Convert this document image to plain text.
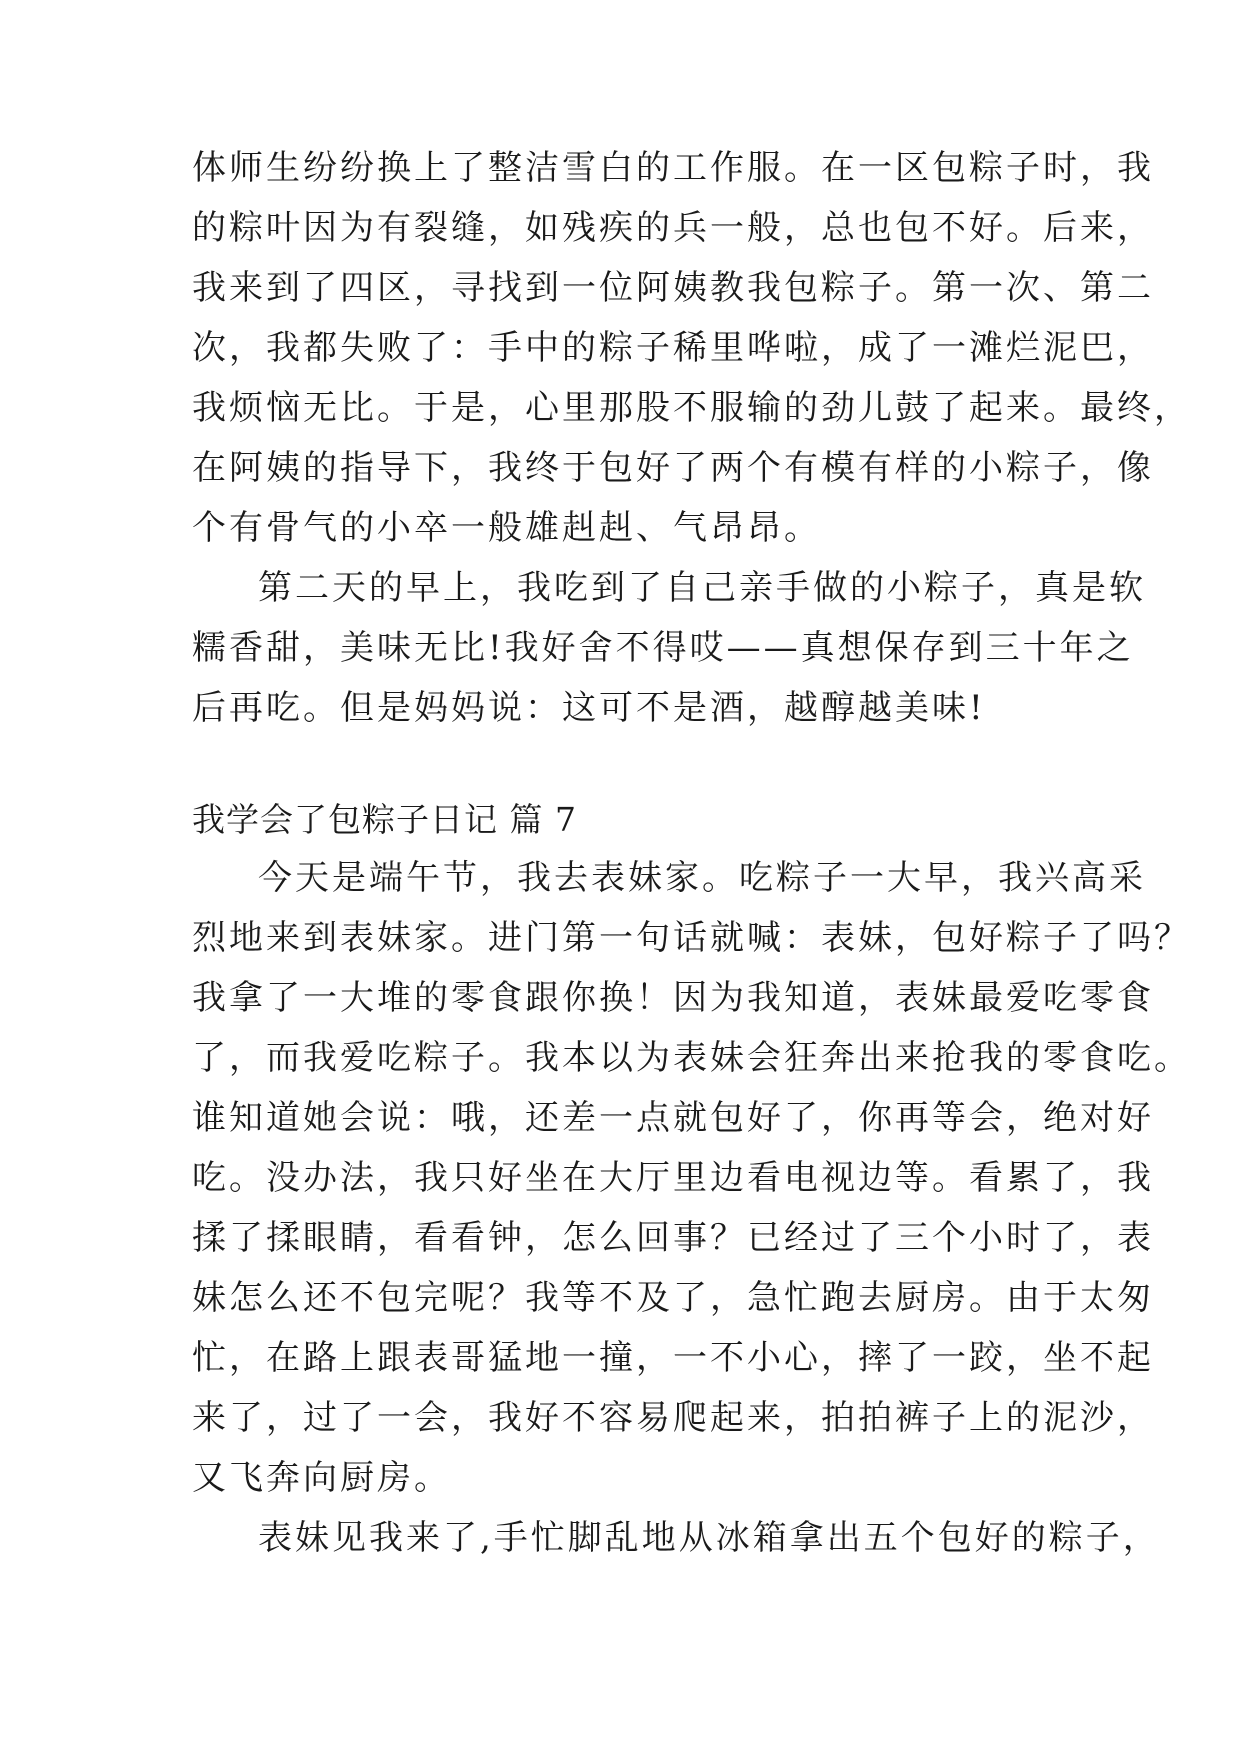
体师生纷纷换上了整洁雪白的工作服。在一区包粽子时，我
的粽叶因为有裂缝，如残疾的兵一般，总也包不好。后来，
我来到了四区，寻找到一位阿姨教我包粽子。第一次、第二
次，我都失败了：手中的粽子稀里哗啦，成了一滩烂泥巴，
我烦恼无比。于是，心里那股不服输的劲儿鼓了起来。最终，
在阿姨的指导下，我终于包好了两个有模有样的小粽子，像
个有骨气的小卒一般雄赳赳、气昂昂。
第二天的早上，我吃到了自己亲手做的小粽子，真是软
糯香甜，美味无比!我好舍不得哎——真想保存到三十年之
后再吃。但是妈妈说：这可不是酒，越醇越美味!
我学会了包粽子日记 篇 7
今天是端午节，我去表妹家。吃粽子一大早，我兴高采
烈地来到表妹家。进门第一句话就喊：表妹，包好粽子了吗？
我拿了一大堆的零食跟你换！因为我知道，表妹最爱吃零食
了，而我爱吃粽子。我本以为表妹会狂奔出来抢我的零食吃。
谁知道她会说：哦，还差一点就包好了，你再等会，绝对好
吃。没办法，我只好坐在大厅里边看电视边等。看累了，我
揉了揉眼睛，看看钟，怎么回事？已经过了三个小时了，表
妹怎么还不包完呢？我等不及了，急忙跑去厨房。由于太匆
忙，在路上跟表哥猛地一撞，一不小心，摔了一跤，坐不起
来了，过了一会，我好不容易爬起来，拍拍裤子上的泥沙，
又飞奔向厨房。
表妹见我来了,手忙脚乱地从冰箱拿出五个包好的粽子，
